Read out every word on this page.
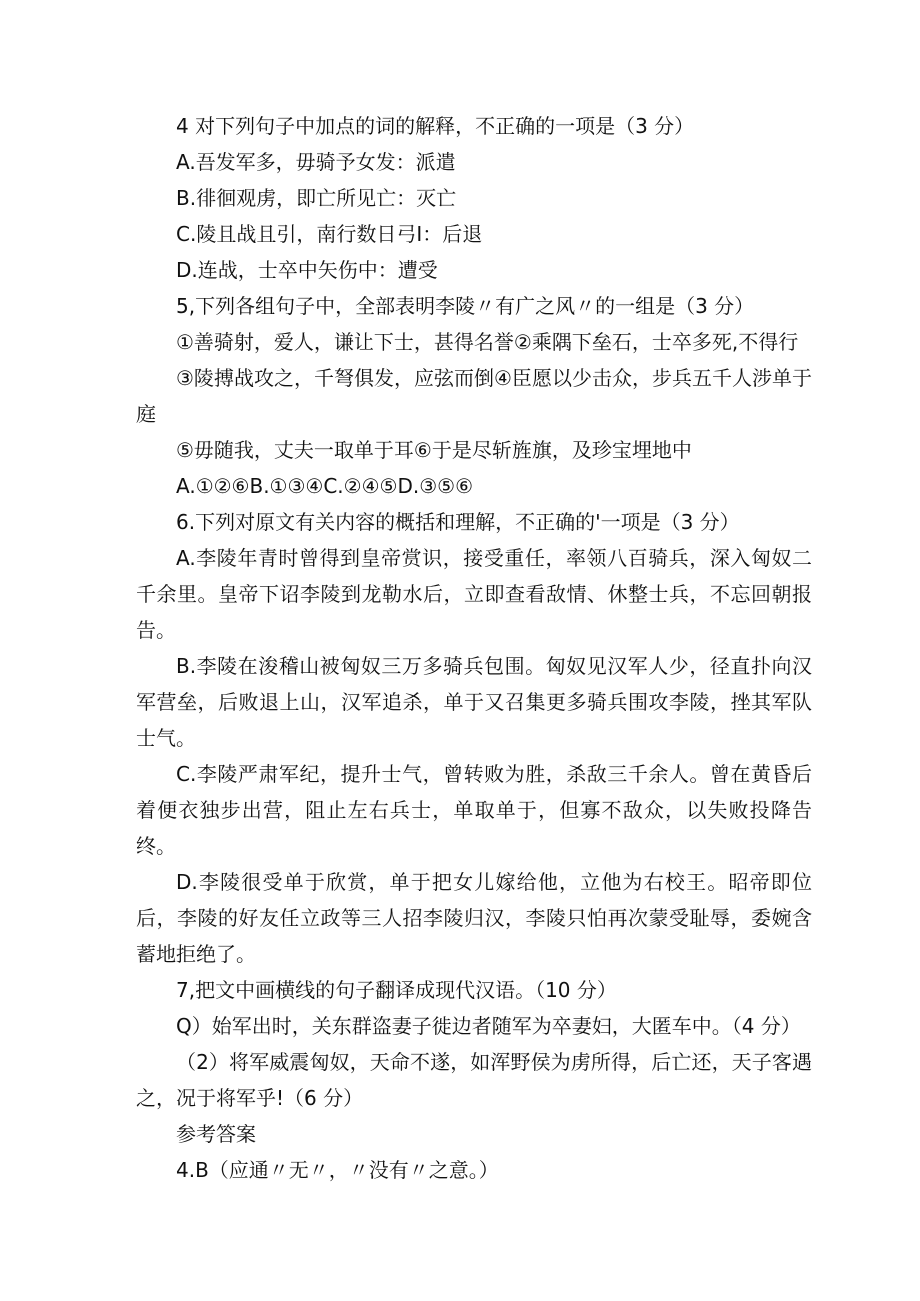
4 对下列句子中加点的词的解释，不正确的一项是（3 分）

A.吾发军多，毋骑予女发：派遣

B.徘徊观虏，即亡所见亡：灭亡

C.陵且战且引，南行数日弓Ⅰ：后退

D.连战，士卒中矢伤中：遭受

5,下列各组句子中，全部表明李陵〃有广之风〃的一组是（3 分）

①善骑射，爱人，谦让下士，甚得名誉②乘隅下垒石，士卒多死,不得行

③陵搏战攻之，千弩俱发，应弦而倒④臣愿以少击众，步兵五千人涉单于庭

⑤毋随我，丈夫一取单于耳⑥于是尽斩旌旗，及珍宝埋地中

A.①②⑥B.①③④C.②④⑤D.③⑤⑥

6.下列对原文有关内容的概括和理解，不正确的'一项是（3 分）

A.李陵年青时曾得到皇帝赏识，接受重任，率领八百骑兵，深入匈奴二千余里。皇帝下诏李陵到龙勒水后，立即查看敌情、休整士兵，不忘回朝报告。

B.李陵在浚稽山被匈奴三万多骑兵包围。匈奴见汉军人少，径直扑向汉军营垒，后败退上山，汉军追杀，单于又召集更多骑兵围攻李陵，挫其军队士气。

C.李陵严肃军纪，提升士气，曾转败为胜，杀敌三千余人。曾在黄昏后着便衣独步出营，阻止左右兵士，单取单于，但寡不敌众，以失败投降告终。

D.李陵很受单于欣赏，单于把女儿嫁给他，立他为右校王。昭帝即位后，李陵的好友任立政等三人招李陵归汉，李陵只怕再次蒙受耻辱，委婉含蓄地拒绝了。

7,把文中画横线的句子翻译成现代汉语。（10 分）

Q）始军出时，关东群盗妻子徙边者随军为卒妻妇，大匿车中。（4 分）

（2）将军威震匈奴，天命不遂，如浑野侯为虏所得，后亡还，天子客遇之，况于将军乎!（6 分）

参考答案

4.B（应通〃无〃，〃没有〃之意。）
